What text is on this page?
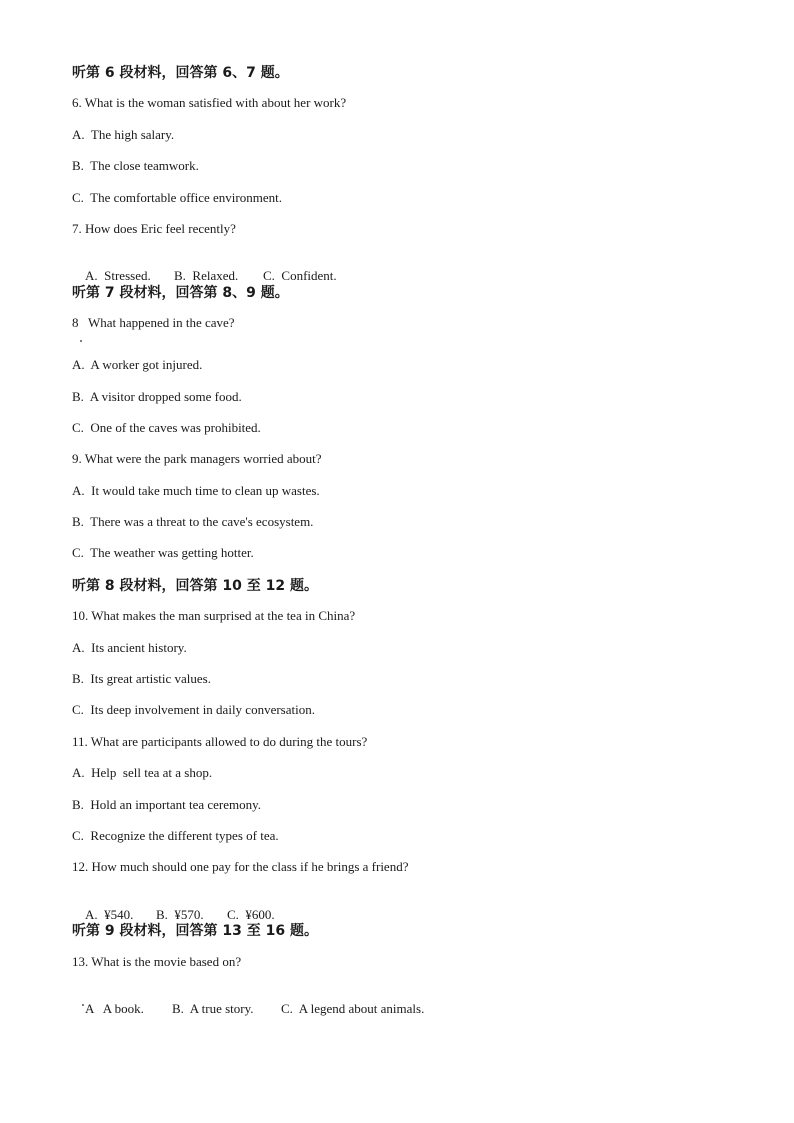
听第 6 段材料，回答第 6、7 题。
6. What is the woman satisfied with about her work?
A.  The high salary.
B.  The close teamwork.
C.  The comfortable office environment.
7. How does Eric feel recently?

A.  Stressed. B.  Relaxed. C.  Confident.

听第 7 段材料，回答第 8、9 题。
8   What happened in the cave?
A.  A worker got injured.
B.  A visitor dropped some food.
C.  One of the caves was prohibited.
9. What were the park managers worried about?
A.  It would take much time to clean up wastes.
B.  There was a threat to the cave's ecosystem.
C.  The weather was getting hotter.
听第 8 段材料，回答第 10 至 12 题。
10. What makes the man surprised at the tea in China?
A.  Its ancient history.
B.  Its great artistic values.
C.  Its deep involvement in daily conversation.
11. What are participants allowed to do during the tours?
A.  Help  sell tea at a shop.
B.  Hold an important tea ceremony.
C.  Recognize the different types of tea.
12. How much should one pay for the class if he brings a friend?

A.  ¥540. B.  ¥570. C.  ¥600.

听第 9 段材料，回答第 13 至 16 题。
13. What is the movie based on?

A   A book. B.  A true story. C.  A legend about animals.
